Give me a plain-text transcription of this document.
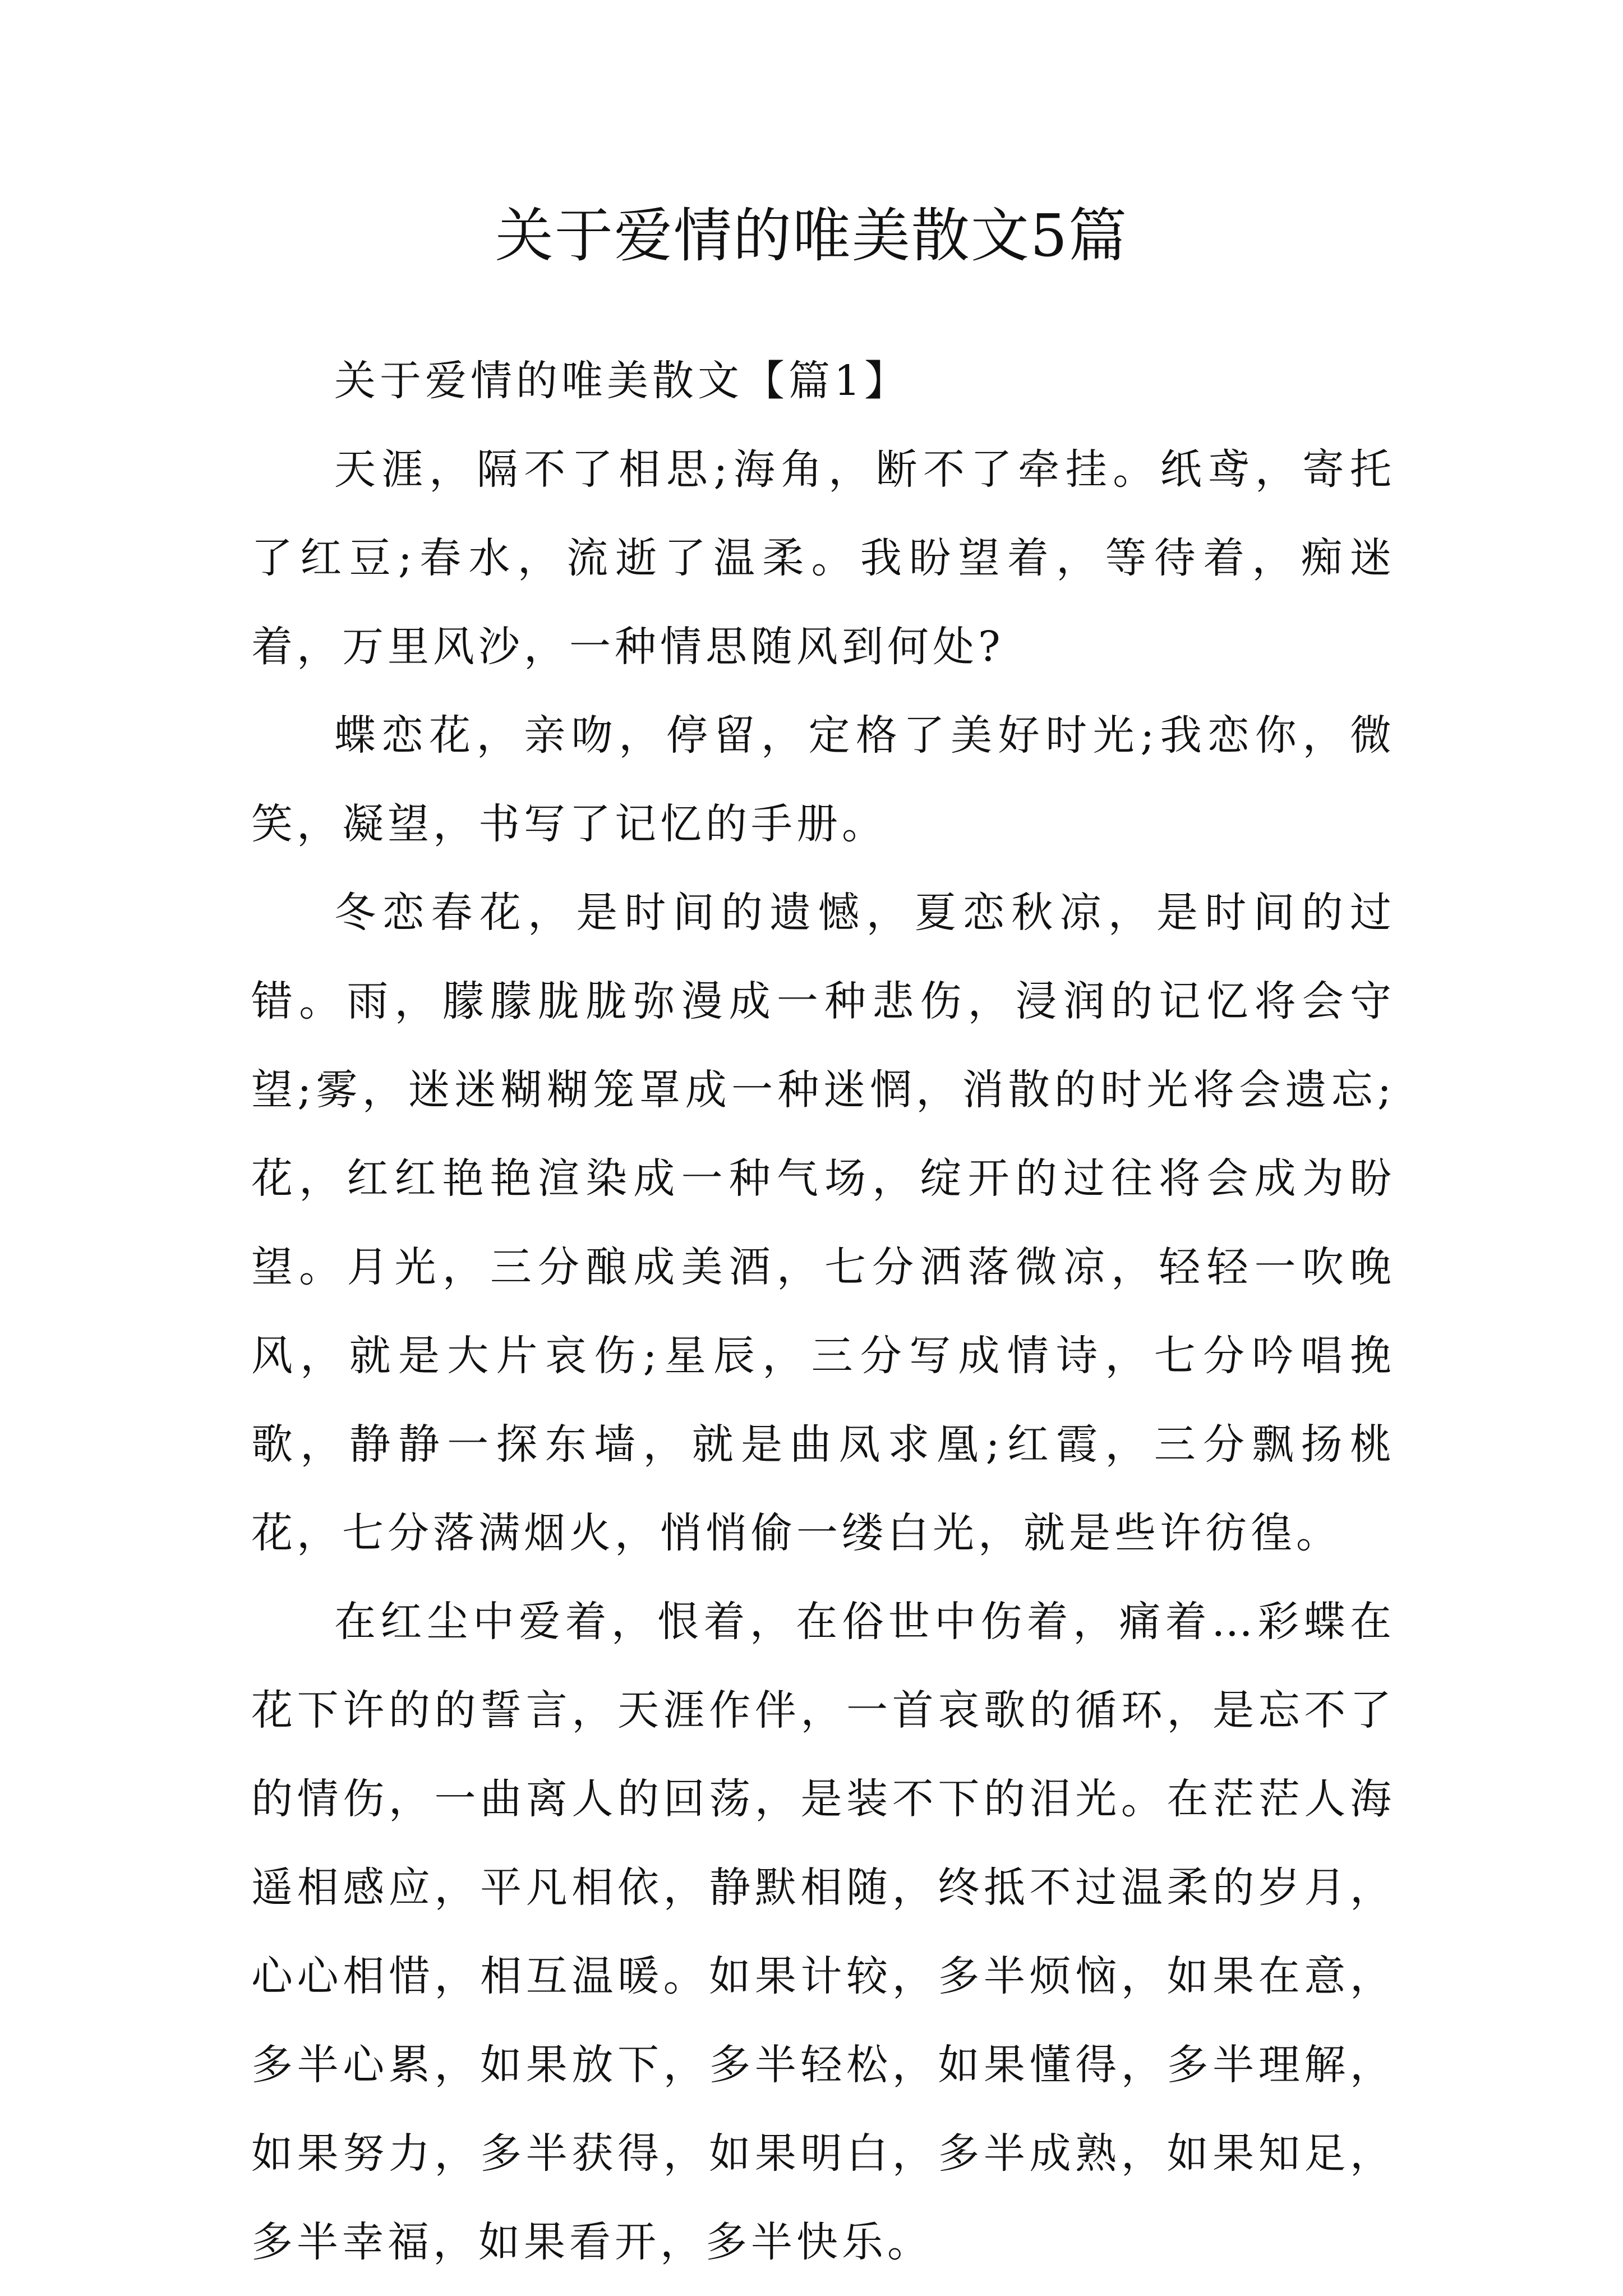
关于爱情的唯美散文5篇

关于爱情的唯美散文【篇1】

天涯，隔不了相思;海角，断不了牵挂。纸鸢，寄托了红豆;春水，流逝了温柔。我盼望着，等待着，痴迷着，万里风沙，一种情思随风到何处?

蝶恋花，亲吻，停留，定格了美好时光;我恋你，微笑，凝望，书写了记忆的手册。

冬恋春花，是时间的遗憾，夏恋秋凉，是时间的过错。雨，朦朦胧胧弥漫成一种悲伤，浸润的记忆将会守望;雾，迷迷糊糊笼罩成一种迷惘，消散的时光将会遗忘;花，红红艳艳渲染成一种气场，绽开的过往将会成为盼望。月光，三分酿成美酒，七分洒落微凉，轻轻一吹晚风，就是大片哀伤;星辰，三分写成情诗，七分吟唱挽歌，静静一探东墙，就是曲凤求凰;红霞，三分飘扬桃花，七分落满烟火，悄悄偷一缕白光，就是些许彷徨。

在红尘中爱着，恨着，在俗世中伤着，痛着…彩蝶在花下许的的誓言，天涯作伴，一首哀歌的循环，是忘不了的情伤，一曲离人的回荡，是装不下的泪光。在茫茫人海遥相感应，平凡相依，静默相随，终抵不过温柔的岁月，心心相惜，相互温暖。如果计较，多半烦恼，如果在意，多半心累，如果放下，多半轻松，如果懂得，多半理解，如果努力，多半获得，如果明白，多半成熟，如果知足，多半幸福，如果看开，多半快乐。
